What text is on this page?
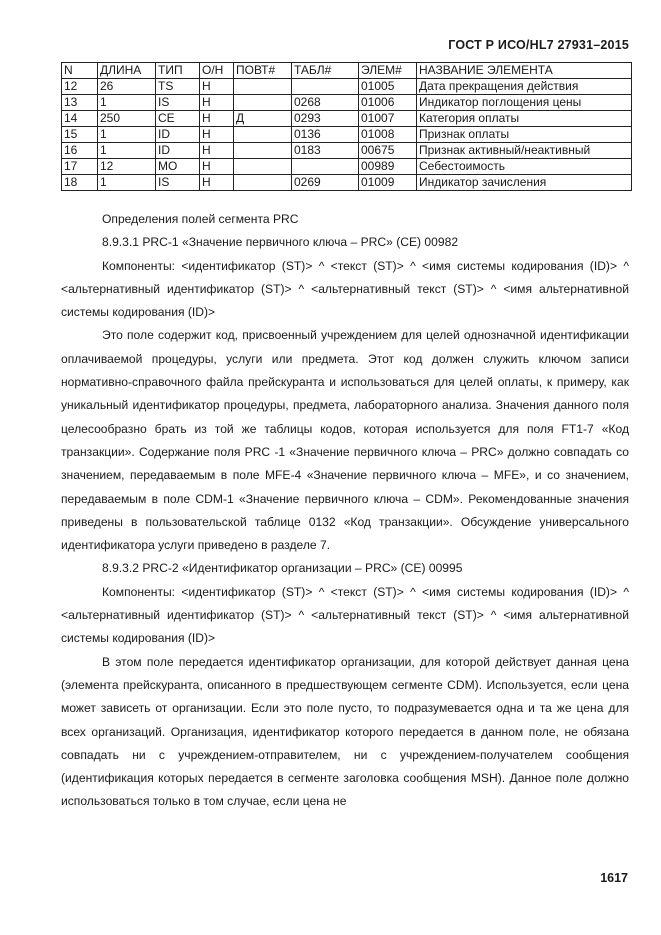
ГОСТ Р ИСО/HL7 27931–2015
N	ДЛИНА	ТИП	О/Н	ПОВТ#	ТАБЛ#	ЭЛЕМ#	НАЗВАНИЕ ЭЛЕМЕНТА
12	26	TS	Н			01005	Дата прекращения действия
13	1	IS	Н		0268	01006	Индикатор поглощения цены
14	250	CE	Н	Д	0293	01007	Категория оплаты
15	1	ID	Н		0136	01008	Признак оплаты
16	1	ID	Н		0183	00675	Признак активный/неактивный
17	12	MO	Н			00989	Себестоимость
18	1	IS	Н		0269	01009	Индикатор зачисления

Определения полей сегмента PRC

8.9.3.1 PRC-1 «Значение первичного ключа – PRC» (CE) 00982

Компоненты: <идентификатор (ST)> ^ <текст (ST)> ^ <имя системы кодирования (ID)> ^ <альтернативный идентификатор (ST)> ^ <альтернативный текст (ST)> ^ <имя альтернативной системы кодирования (ID)>

Это поле содержит код, присвоенный учреждением для целей однозначной идентификации оплачиваемой процедуры, услуги или предмета. Этот код должен служить ключом записи нормативно-справочного файла прейскуранта и использоваться для целей оплаты, к примеру, как уникальный идентификатор процедуры, предмета, лабораторного анализа. Значения данного поля целесообразно брать из той же таблицы кодов, которая используется для поля FT1-7 «Код транзакции». Содержание поля PRC -1 «Значение первичного ключа – PRC» должно совпадать со значением, передаваемым в поле MFE-4 «Значение первичного ключа – MFE», и со значением, передаваемым в поле CDM-1 «Значение первичного ключа – CDM». Рекомендованные значения приведены в пользовательской таблице 0132 «Код транзакции». Обсуждение универсального идентификатора услуги приведено в разделе 7.

8.9.3.2 PRC-2 «Идентификатор организации – PRC» (CE) 00995

Компоненты: <идентификатор (ST)> ^ <текст (ST)> ^ <имя системы кодирования (ID)> ^ <альтернативный идентификатор (ST)> ^ <альтернативный текст (ST)> ^ <имя альтернативной системы кодирования (ID)>

В этом поле передается идентификатор организации, для которой действует данная цена (элемента прейскуранта, описанного в предшествующем сегменте CDM). Используется, если цена может зависеть от организации. Если это поле пусто, то подразумевается одна и та же цена для всех организаций. Организация, идентификатор которого передается в данном поле, не обязана совпадать ни с учреждением-отправителем, ни с учреждением-получателем сообщения (идентификация которых передается в сегменте заголовка сообщения MSH). Данное поле должно использоваться только в том случае, если цена не

1617
